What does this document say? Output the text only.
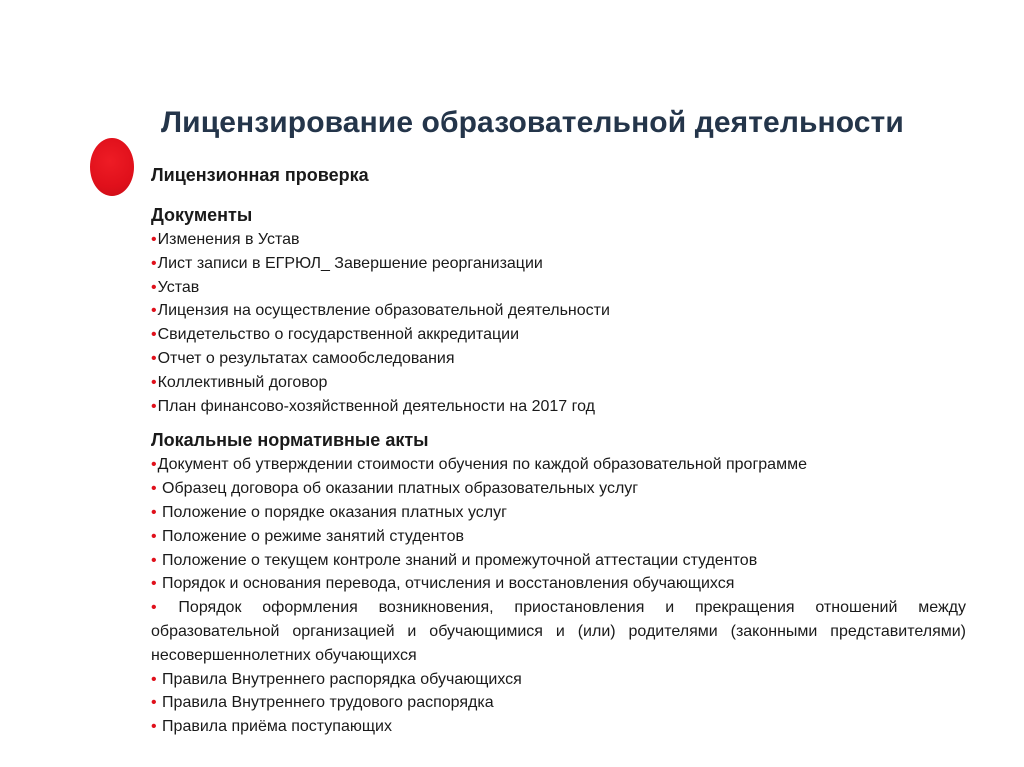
Лицензирование образовательной деятельности

Лицензионная проверка

Документы

•Изменения в Устав
•Лист записи в ЕГРЮЛ_ Завершение реорганизации
•Устав
•Лицензия на осуществление образовательной деятельности
•Свидетельство о государственной аккредитации
•Отчет о результатах самообследования
•Коллективный договор
•План финансово-хозяйственной деятельности на 2017 год

Локальные нормативные акты

•Документ об утверждении стоимости обучения по каждой образовательной программе
• Образец договора об оказании платных образовательных услуг
• Положение о порядке оказания платных услуг
• Положение о режиме занятий студентов
• Положение о текущем контроле знаний и промежуточной аттестации студентов
• Порядок и основания перевода, отчисления и восстановления обучающихся
• Порядок оформления возникновения, приостановления и прекращения отношений между образовательной организацией и обучающимися и (или) родителями (законными представителями) несовершеннолетних обучающихся
• Правила Внутреннего распорядка обучающихся
• Правила Внутреннего трудового распорядка
• Правила приёма поступающих
